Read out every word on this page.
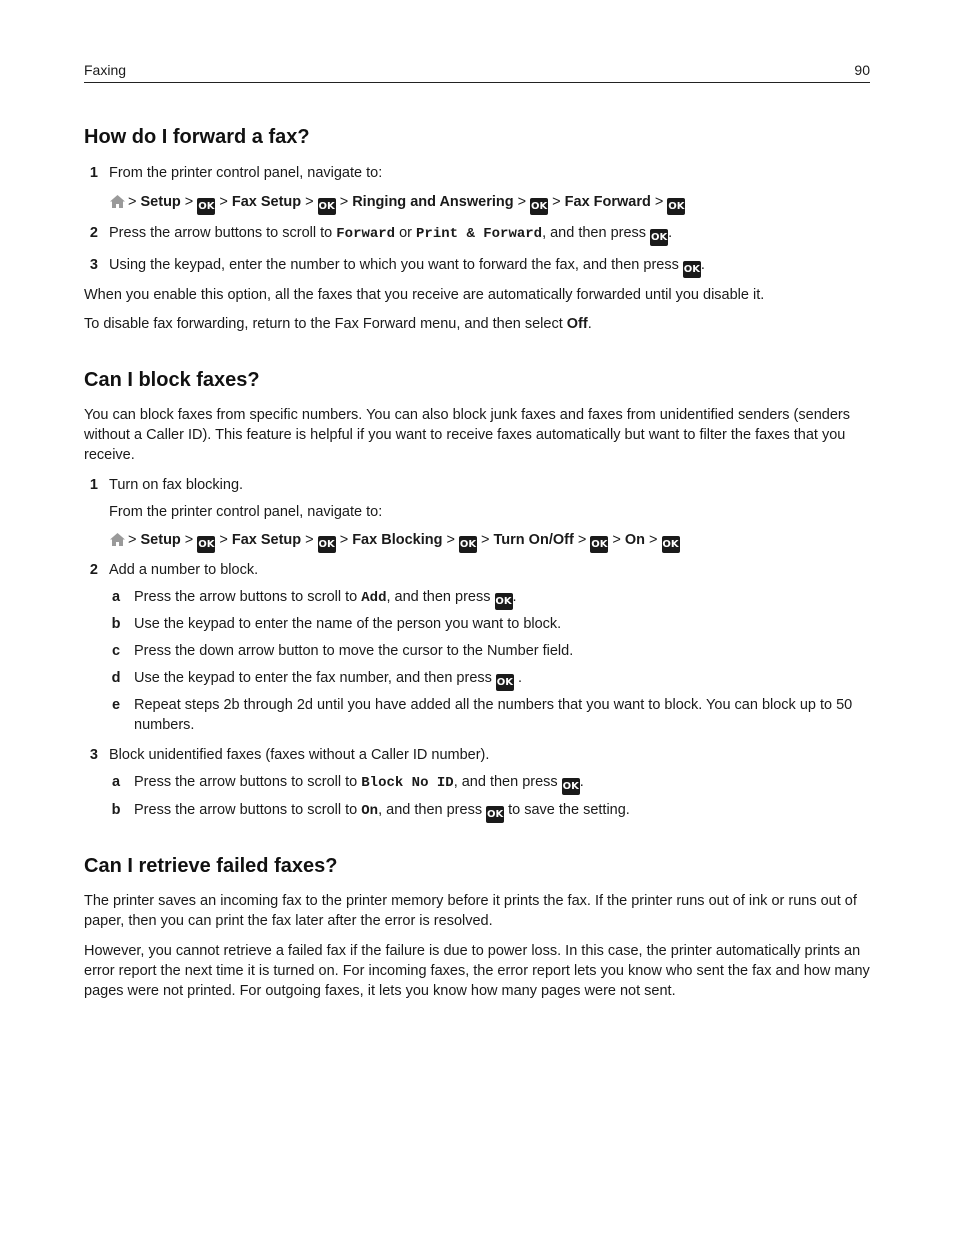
Faxing	90
How do I forward a fax?
1 From the printer control panel, navigate to:
> Setup > OK > Fax Setup > OK > Ringing and Answering > OK > Fax Forward > OK
2 Press the arrow buttons to scroll to Forward or Print & Forward, and then press OK.
3 Using the keypad, enter the number to which you want to forward the fax, and then press OK.

When you enable this option, all the faxes that you receive are automatically forwarded until you disable it.

To disable fax forwarding, return to the Fax Forward menu, and then select Off.

Can I block faxes?

You can block faxes from specific numbers. You can also block junk faxes and faxes from unidentified senders (senders without a Caller ID). This feature is helpful if you want to receive faxes automatically but want to filter the faxes that you receive.

1 Turn on fax blocking.
From the printer control panel, navigate to:
> Setup > OK > Fax Setup > OK > Fax Blocking > OK > Turn On/Off > OK > On > OK
2 Add a number to block.
a Press the arrow buttons to scroll to Add, and then press OK.
b Use the keypad to enter the name of the person you want to block.
c Press the down arrow button to move the cursor to the Number field.
d Use the keypad to enter the fax number, and then press OK .
e Repeat steps 2b through 2d until you have added all the numbers that you want to block. You can block up to 50 numbers.
3 Block unidentified faxes (faxes without a Caller ID number).
a Press the arrow buttons to scroll to Block No ID, and then press OK.
b Press the arrow buttons to scroll to On, and then press OK to save the setting.
Can I retrieve failed faxes?

The printer saves an incoming fax to the printer memory before it prints the fax. If the printer runs out of ink or runs out of paper, then you can print the fax later after the error is resolved.

However, you cannot retrieve a failed fax if the failure is due to power loss. In this case, the printer automatically prints an error report the next time it is turned on. For incoming faxes, the error report lets you know who sent the fax and how many pages were not printed. For outgoing faxes, it lets you know how many pages were not sent.
